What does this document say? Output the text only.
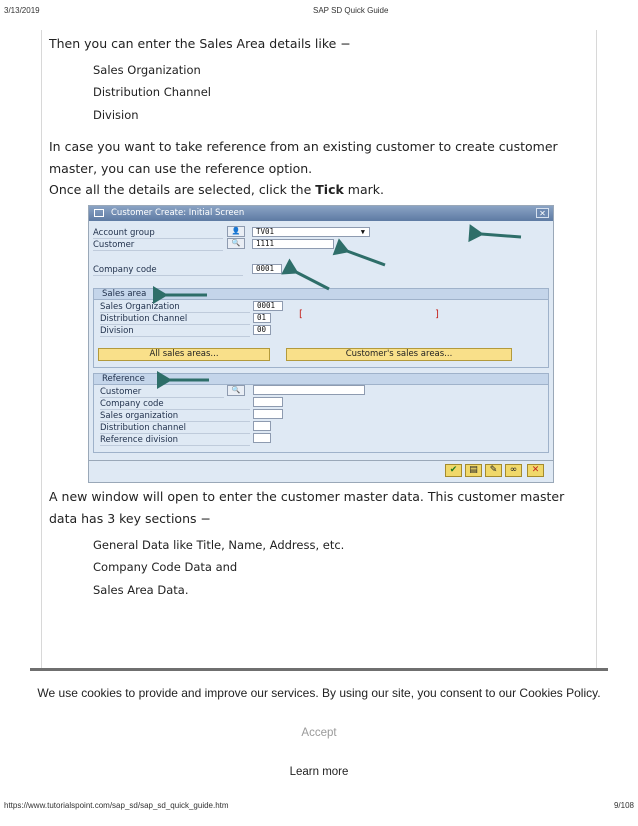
3/13/2019	SAP SD Quick Guide
Then you can enter the Sales Area details like −
Sales Organization
Distribution Channel
Division
In case you want to take reference from an existing customer to create customer master, you can use the reference option.
Once all the details are selected, click the Tick mark.
Customer Create: Initial Screen	✕
Account group	👤	TV01	▼
Customer	🔍	1111
Company code	0001
Sales area
Sales Organization	0001
Distribution Channel	01
Division	00
[	]
All sales areas...	Customer's sales areas...
Reference
Customer	🔍
Company code
Sales organization
Distribution channel
Reference division
✔	▤	✎	∞	✕
A new window will open to enter the customer master data. This customer master data has 3 key sections −
General Data like Title, Name, Address, etc.
Company Code Data and
Sales Area Data.
We use cookies to provide and improve our services. By using our site, you consent to our Cookies Policy.
Accept
Learn more
https://www.tutorialspoint.com/sap_sd/sap_sd_quick_guide.htm	9/108
